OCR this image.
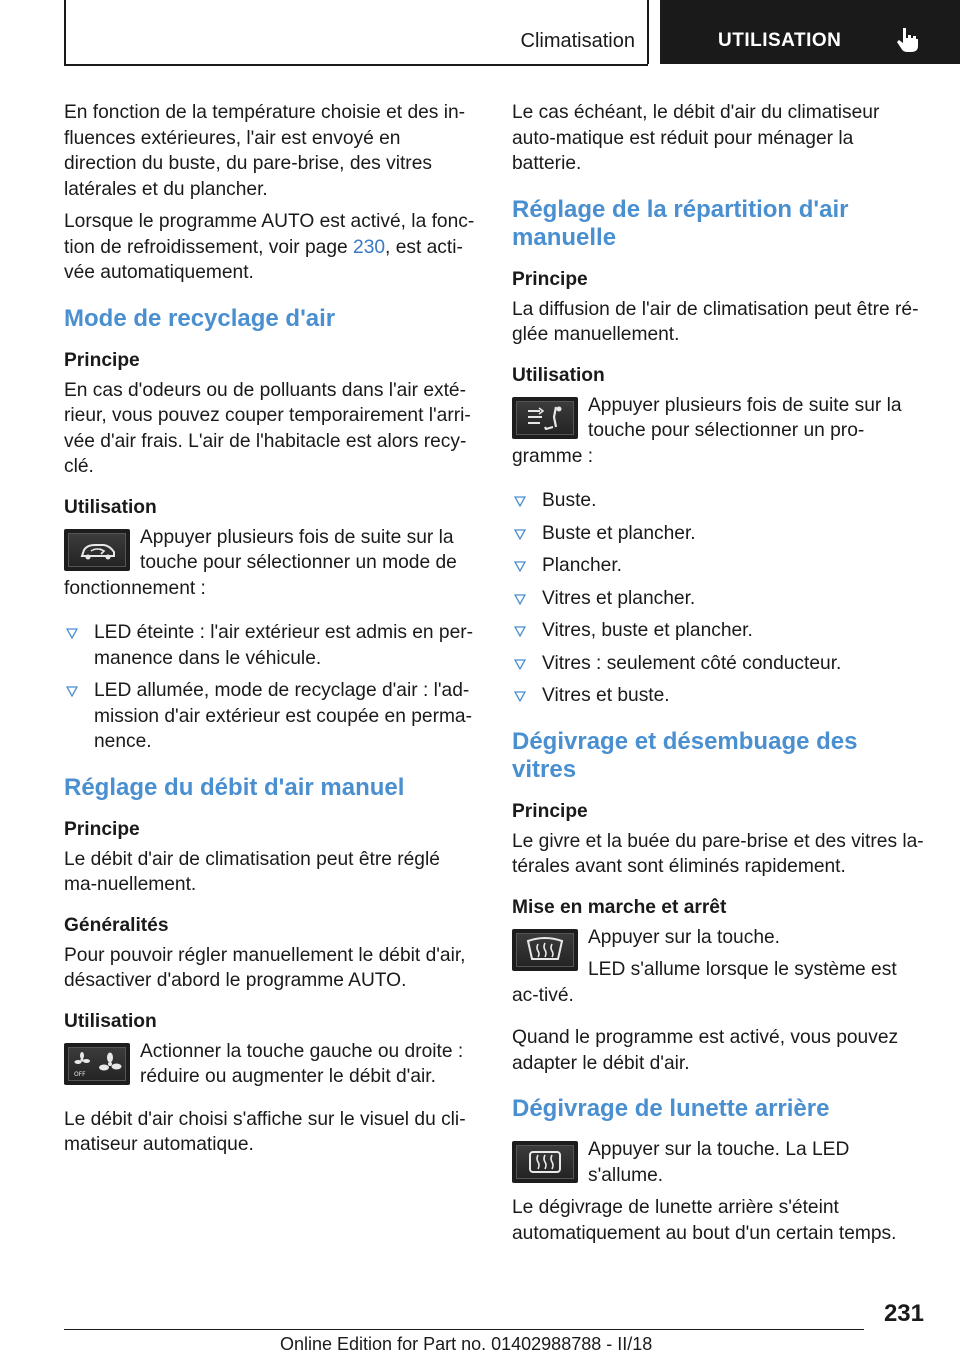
Climatisation	UTILISATION

En fonction de la température choisie et des in-fluences extérieures, l'air est envoyé en direction du buste, du pare-brise, des vitres latérales et du plancher.

Lorsque le programme AUTO est activé, la fonc-tion de refroidissement, voir page 230, est acti-vée automatiquement.

Mode de recyclage d'air
Principe

En cas d'odeurs ou de polluants dans l'air exté-rieur, vous pouvez couper temporairement l'arri-vée d'air frais. L'air de l'habitacle est alors recy-clé.

Utilisation
Appuyer plusieurs fois de suite sur la touche pour sélectionner un mode de fonctionnement :
LED éteinte : l'air extérieur est admis en per-manence dans le véhicule.
LED allumée, mode de recyclage d'air : l'ad-mission d'air extérieur est coupée en perma-nence.
Réglage du débit d'air manuel
Principe

Le débit d'air de climatisation peut être réglé ma-nuellement.

Généralités

Pour pouvoir régler manuellement le débit d'air, désactiver d'abord le programme AUTO.

Utilisation
OFF
Actionner la touche gauche ou droite : réduire ou augmenter le débit d'air.

Le débit d'air choisi s'affiche sur le visuel du cli-matiseur automatique.

Le cas échéant, le débit d'air du climatiseur auto-matique est réduit pour ménager la batterie.

Réglage de la répartition d'air manuelle
Principe

La diffusion de l'air de climatisation peut être ré-glée manuellement.

Utilisation
Appuyer plusieurs fois de suite sur la touche pour sélectionner un pro-gramme :
Buste.
Buste et plancher.
Plancher.
Vitres et plancher.
Vitres, buste et plancher.
Vitres : seulement côté conducteur.
Vitres et buste.
Dégivrage et désembuage des vitres
Principe

Le givre et la buée du pare-brise et des vitres la-térales avant sont éliminés rapidement.

Mise en marche et arrêt

Appuyer sur la touche.

LED s'allume lorsque le système est ac-tivé.

Quand le programme est activé, vous pouvez adapter le débit d'air.

Dégivrage de lunette arrière

Appuyer sur la touche. La LED s'allume.

Le dégivrage de lunette arrière s'éteint automatiquement au bout d'un certain temps.
231
Online Edition for Part no. 01402988788 - II/18
